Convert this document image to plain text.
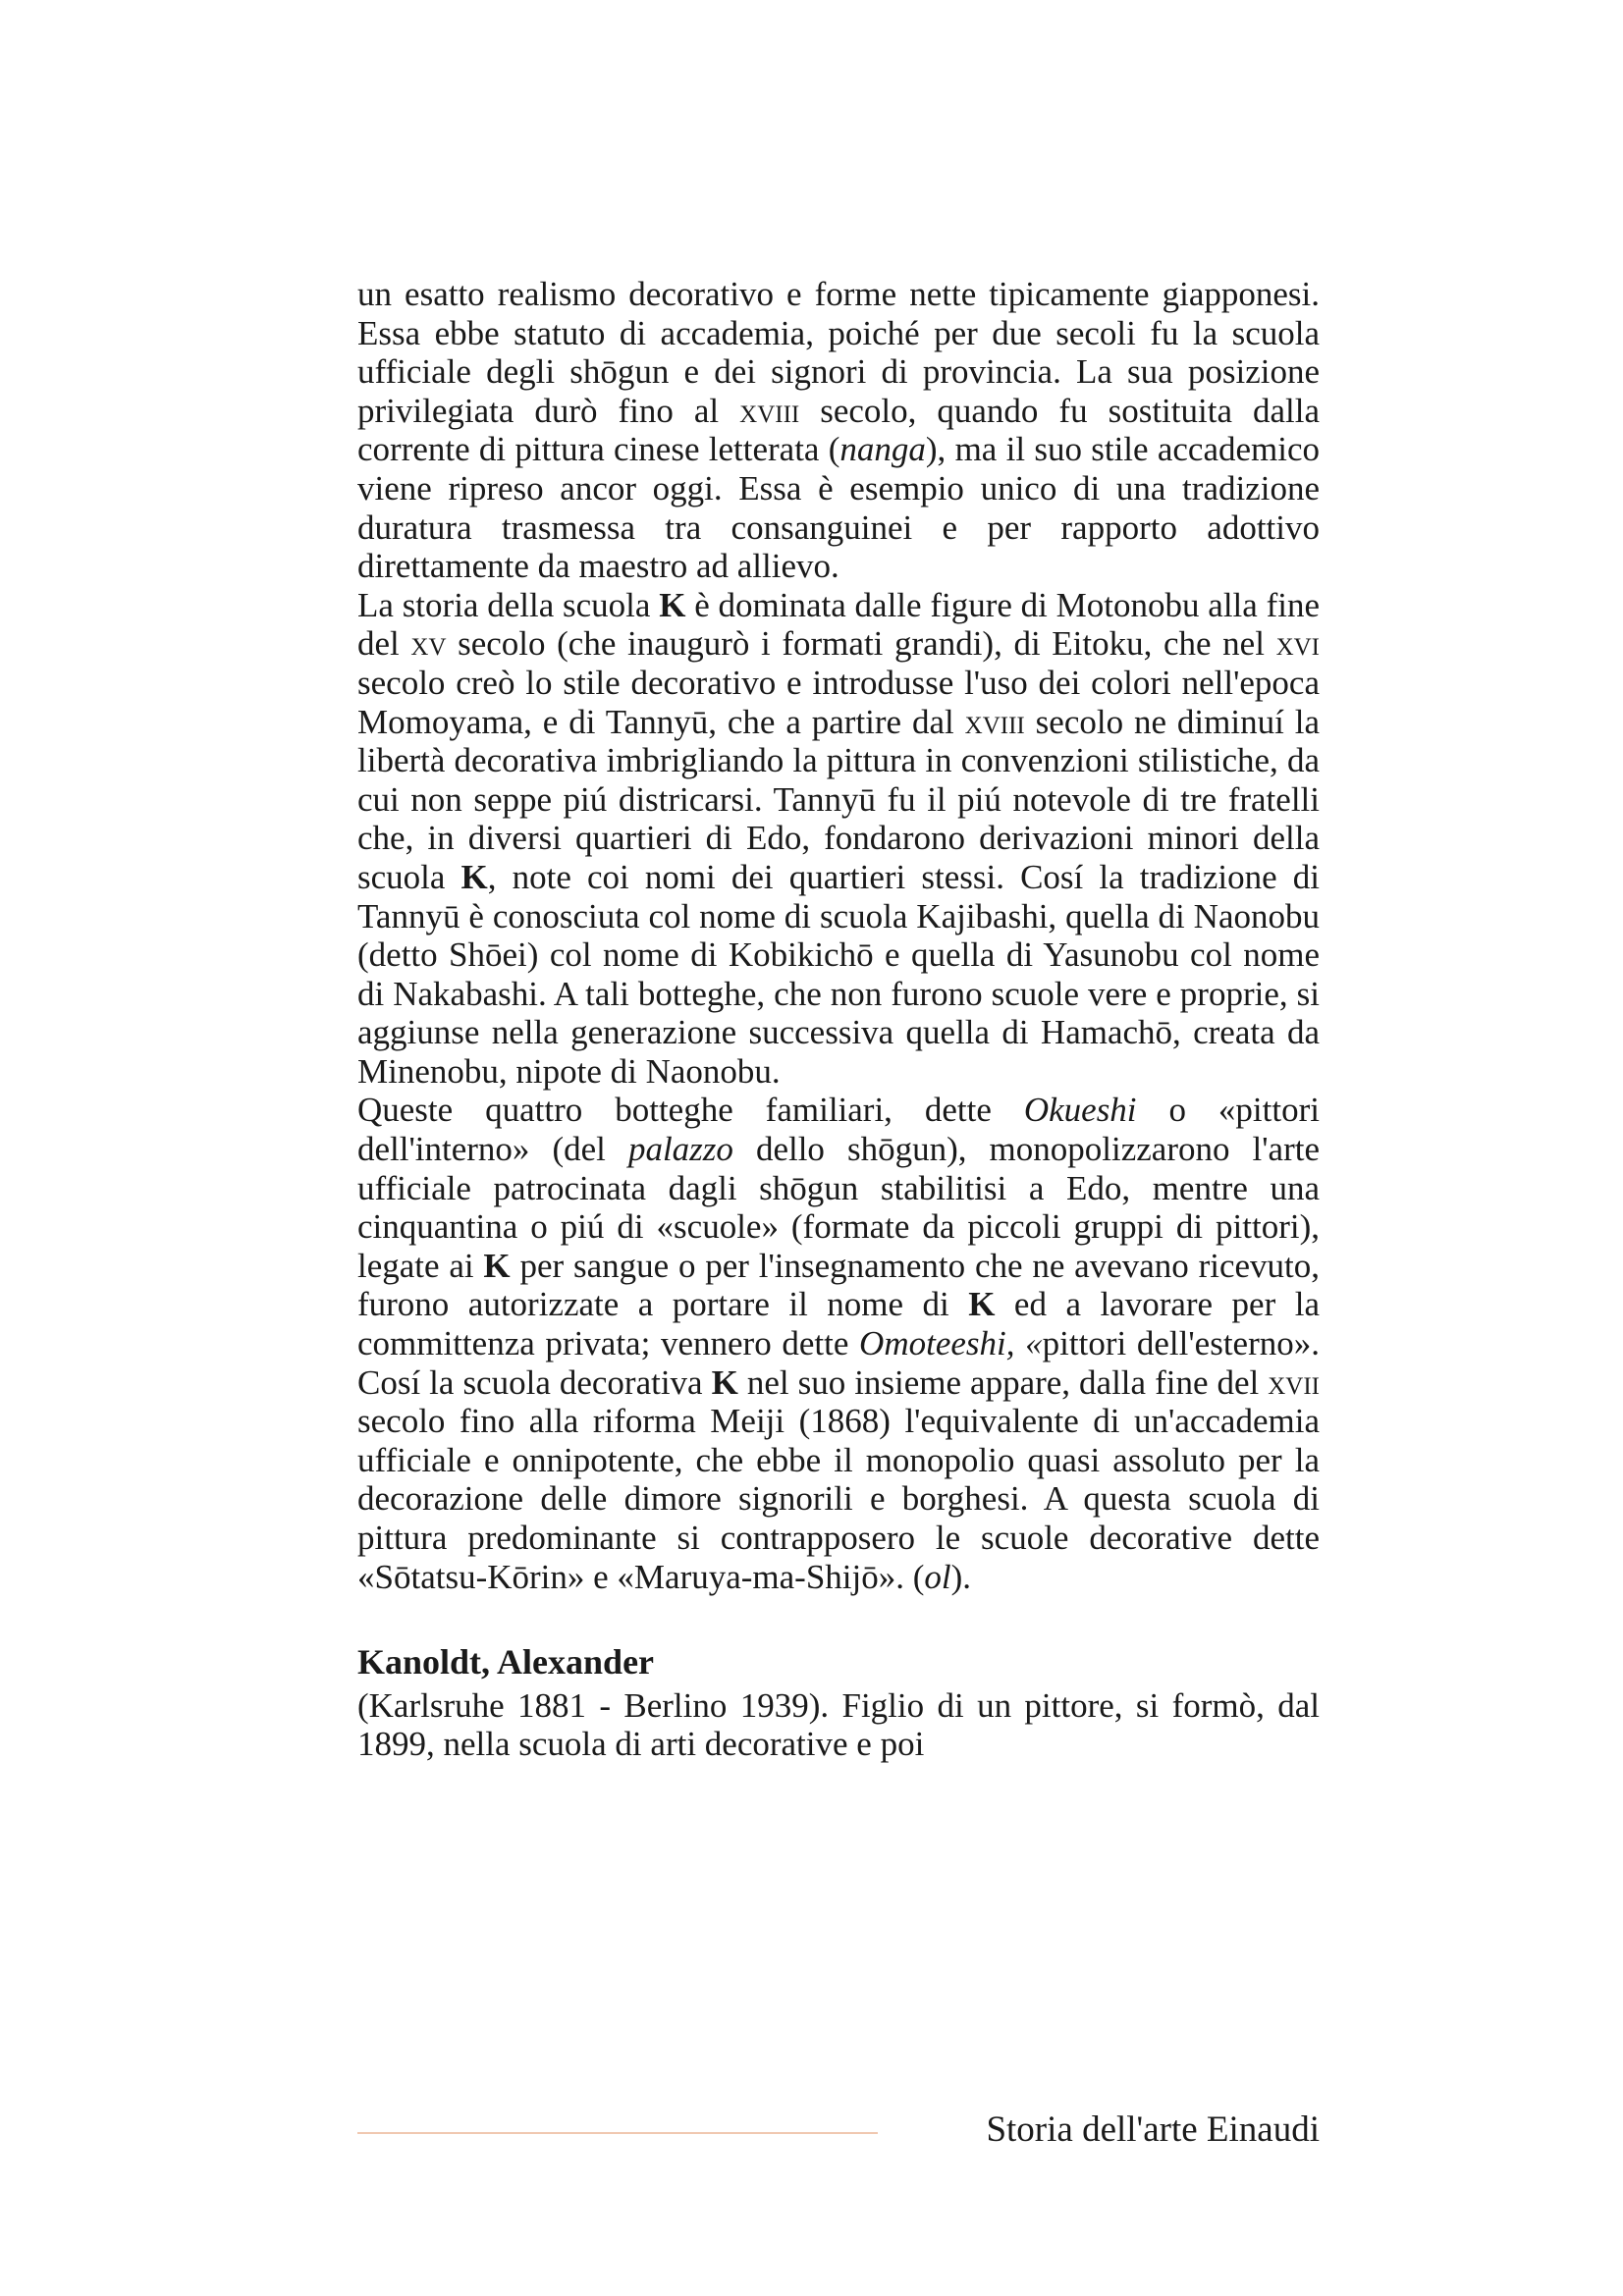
un esatto realismo decorativo e forme nette tipicamente giapponesi. Essa ebbe statuto di accademia, poiché per due secoli fu la scuola ufficiale degli shōgun e dei signori di provincia. La sua posizione privilegiata durò fino al xviii secolo, quando fu sostituita dalla corrente di pittura cinese letterata (nanga), ma il suo stile accademico viene ripreso ancor oggi. Essa è esempio unico di una tradizione duratura trasmessa tra consanguinei e per rapporto adottivo direttamente da maestro ad allievo.

La storia della scuola K è dominata dalle figure di Motonobu alla fine del xv secolo (che inaugurò i formati grandi), di Eitoku, che nel xvi secolo creò lo stile decorativo e introdusse l'uso dei colori nell'epoca Momoyama, e di Tannyū, che a partire dal xviii secolo ne diminuí la libertà decorativa imbrigliando la pittura in convenzioni stilistiche, da cui non seppe piú districarsi. Tannyū fu il piú notevole di tre fratelli che, in diversi quartieri di Edo, fondarono derivazioni minori della scuola K, note coi nomi dei quartieri stessi. Cosí la tradizione di Tannyū è conosciuta col nome di scuola Kajibashi, quella di Naonobu (detto Shōei) col nome di Kobikichō e quella di Yasunobu col nome di Nakabashi. A tali botteghe, che non furono scuole vere e proprie, si aggiunse nella generazione successiva quella di Hamachō, creata da Minenobu, nipote di Naonobu.

Queste quattro botteghe familiari, dette Okueshi o «pittori dell'interno» (del palazzo dello shōgun), monopolizzarono l'arte ufficiale patrocinata dagli shōgun stabilitisi a Edo, mentre una cinquantina o piú di «scuole» (formate da piccoli gruppi di pittori), legate ai K per sangue o per l'insegnamento che ne avevano ricevuto, furono autorizzate a portare il nome di K ed a lavorare per la committenza privata; vennero dette Omoteeshi, «pittori dell'esterno». Cosí la scuola decorativa K nel suo insieme appare, dalla fine del xvii secolo fino alla riforma Meiji (1868) l'equivalente di un'accademia ufficiale e onnipotente, che ebbe il monopolio quasi assoluto per la decorazione delle dimore signorili e borghesi. A questa scuola di pittura predominante si contrapposero le scuole decorative dette «Sōtatsu-Kōrin» e «Maruya-ma-Shijō». (ol).

Kanoldt, Alexander

(Karlsruhe 1881 - Berlino 1939). Figlio di un pittore, si formò, dal 1899, nella scuola di arti decorative e poi

Storia dell'arte Einaudi
